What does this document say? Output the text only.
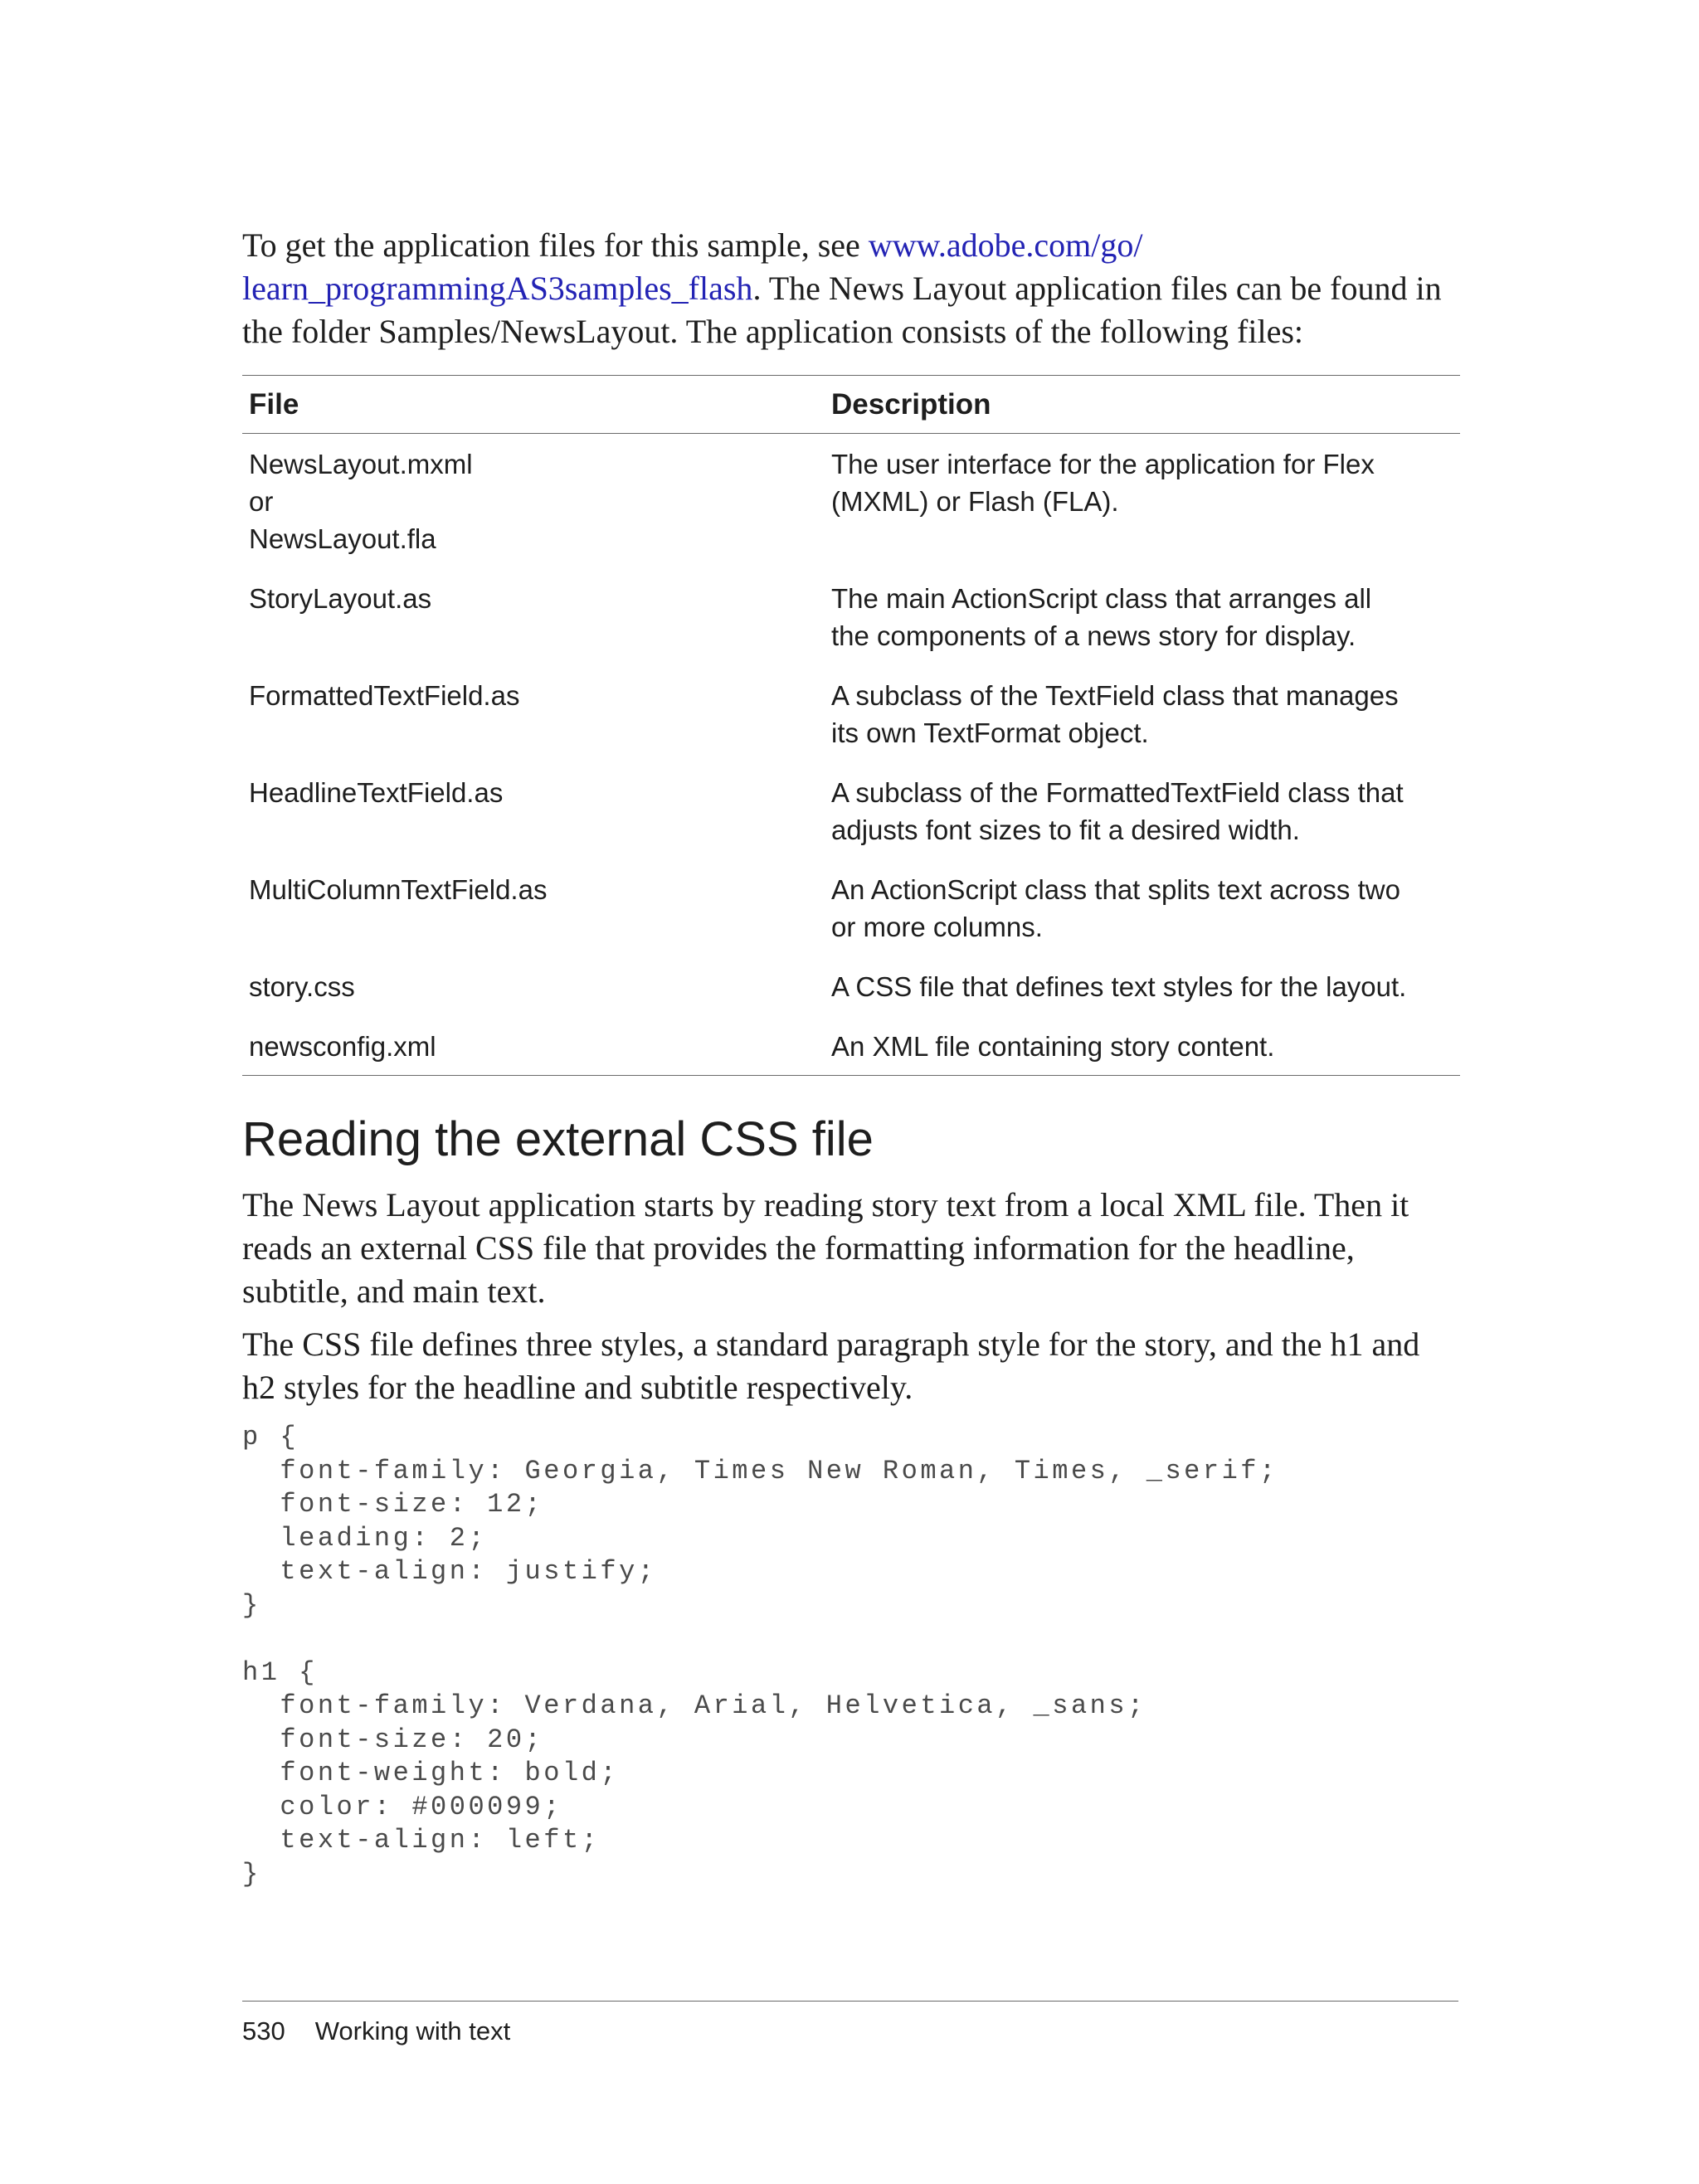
To get the application files for this sample, see www.adobe.com/go/
learn_programmingAS3samples_flash. The News Layout application files can be found in the folder Samples/NewsLayout. The application consists of the following files:

File	Description

NewsLayout.mxml
or
NewsLayout.fla	The user interface for the application for Flex
(MXML) or Flash (FLA).

StoryLayout.as	The main ActionScript class that arranges all
the components of a news story for display.

FormattedTextField.as	A subclass of the TextField class that manages
its own TextFormat object.

HeadlineTextField.as	A subclass of the FormattedTextField class that
adjusts font sizes to fit a desired width.

MultiColumnTextField.as	An ActionScript class that splits text across two
or more columns.

story.css	A CSS file that defines text styles for the layout.

newsconfig.xml	An XML file containing story content.
Reading the external CSS file

The News Layout application starts by reading story text from a local XML file. Then it reads an external CSS file that provides the formatting information for the headline, subtitle, and main text.

The CSS file defines three styles, a standard paragraph style for the story, and the h1 and h2 styles for the headline and subtitle respectively.

p {
font-family: Georgia, Times New Roman, Times, _serif;
font-size: 12;
leading: 2;
text-align: justify;
}

h1 {
font-family: Verdana, Arial, Helvetica, _sans;
font-size: 20;
font-weight: bold;
color: #000099;
text-align: left;
}
530 Working with text
